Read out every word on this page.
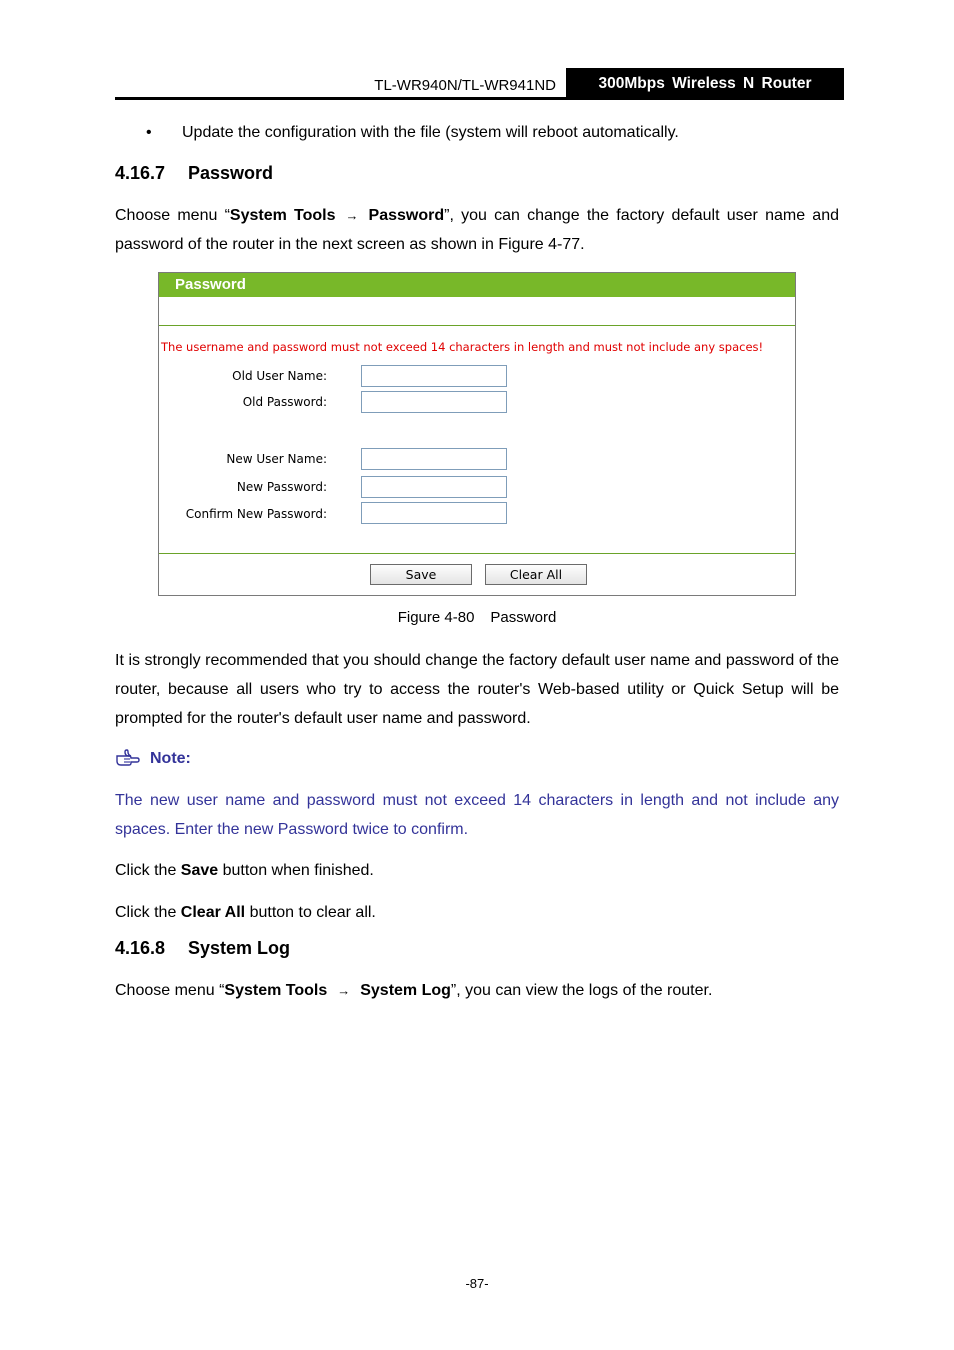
TL-WR940N/TL-WR941ND	300Mbps Wireless N Router
• Update the configuration with the file (system will reboot automatically.
4.16.7 Password
Choose menu “System Tools → Password”, you can change the factory default user name and password of the router in the next screen as shown in Figure 4-77.
Password
The username and password must not exceed 14 characters in length and must not include any spaces!
Old User Name:
Old Password:
New User Name:
New Password:
Confirm New Password:
Save	Clear All
Figure 4-80 Password
It is strongly recommended that you should change the factory default user name and password of the router, because all users who try to access the router's Web-based utility or Quick Setup will be prompted for the router's default user name and password.
Note:
The new user name and password must not exceed 14 characters in length and not include any spaces. Enter the new Password twice to confirm.
Click the Save button when finished.
Click the Clear All button to clear all.
4.16.8 System Log
Choose menu “System Tools → System Log”, you can view the logs of the router.
-87-
